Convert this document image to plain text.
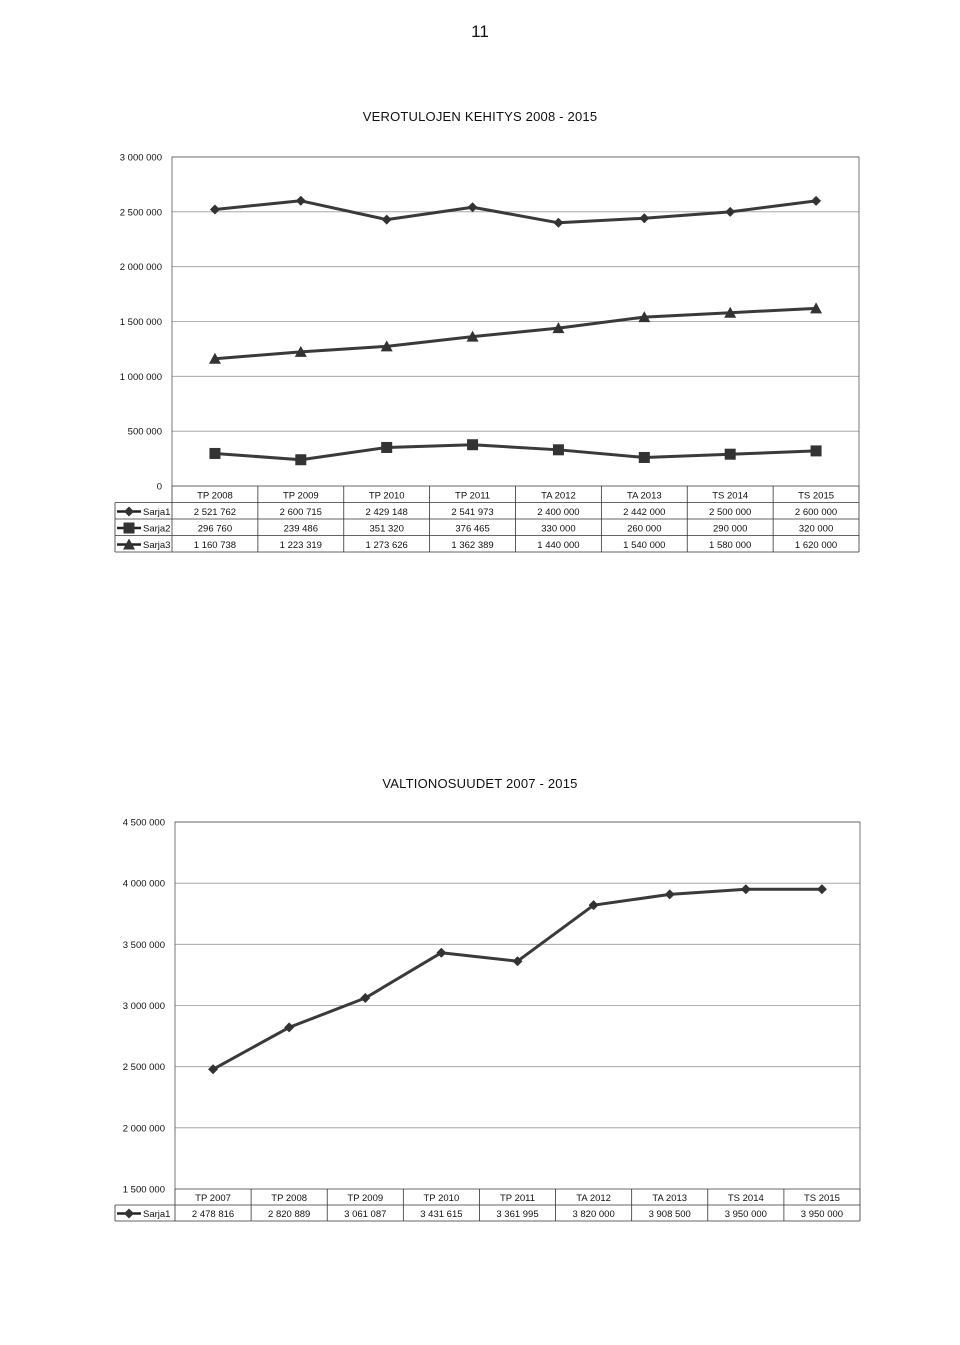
11
VEROTULOJEN KEHITYS 2008 - 2015
VALTIONOSUUDET 2007 - 2015
0
500 000
1 000 000
1 500 000
2 000 000
2 500 000
3 000 000
TP 2008	TP 2009	TP 2010	TP 2011	TA 2012	TA 2013	TS 2014	TS 2015
Sarja1 2 521 762	2 600 715	2 429 148	2 541 973	2 400 000	2 442 000	2 500 000	2 600 000
Sarja2	296 760	239 486	351 320	376 465	330 000	260 000	290 000	320 000
Sarja3 1 160 738	1 223 319	1 273 626	1 362 389	1 440 000	1 540 000	1 580 000	1 620 000
1 500 000
2 000 000
2 500 000
3 000 000
3 500 000
4 000 000
4 500 000
TP 2007	TP 2008	TP 2009	TP 2010	TP 2011	TA 2012	TA 2013	TS 2014	TS 2015
Sarja1 2 478 816	2 820 889	3 061 087	3 431 615	3 361 995	3 820 000	3 908 500	3 950 000	3 950 000
